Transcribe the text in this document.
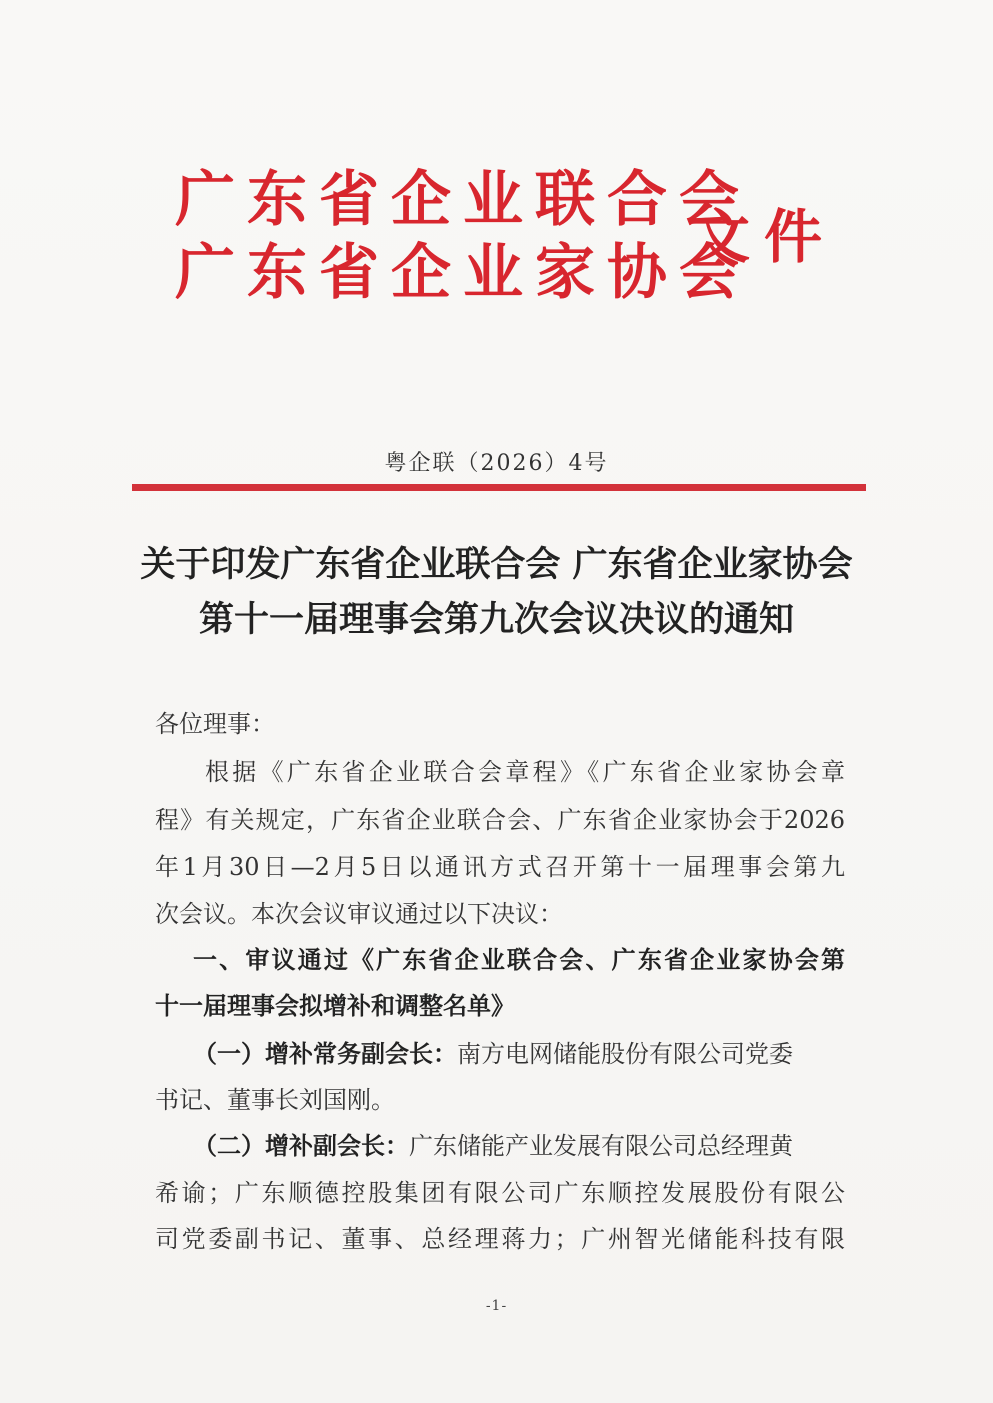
广东省企业联合会
广东省企业家协会
文件
粤企联（2026）4号
关于印发广东省企业联合会 广东省企业家协会
第十一届理事会第九次会议决议的通知
各位理事：
根据《广东省企业联合会章程》《广东省企业家协会章
程》有关规定，广东省企业联合会、广东省企业家协会于2026
年1月30日—2月5日以通讯方式召开第十一届理事会第九
次会议。本次会议审议通过以下决议：
一、审议通过《广东省企业联合会、广东省企业家协会第
十一届理事会拟增补和调整名单》
（一）增补常务副会长：南方电网储能股份有限公司党委
书记、董事长刘国刚。
（二）增补副会长：广东储能产业发展有限公司总经理黄
希谕；广东顺德控股集团有限公司广东顺控发展股份有限公
司党委副书记、董事、总经理蒋力；广州智光储能科技有限
-1-
